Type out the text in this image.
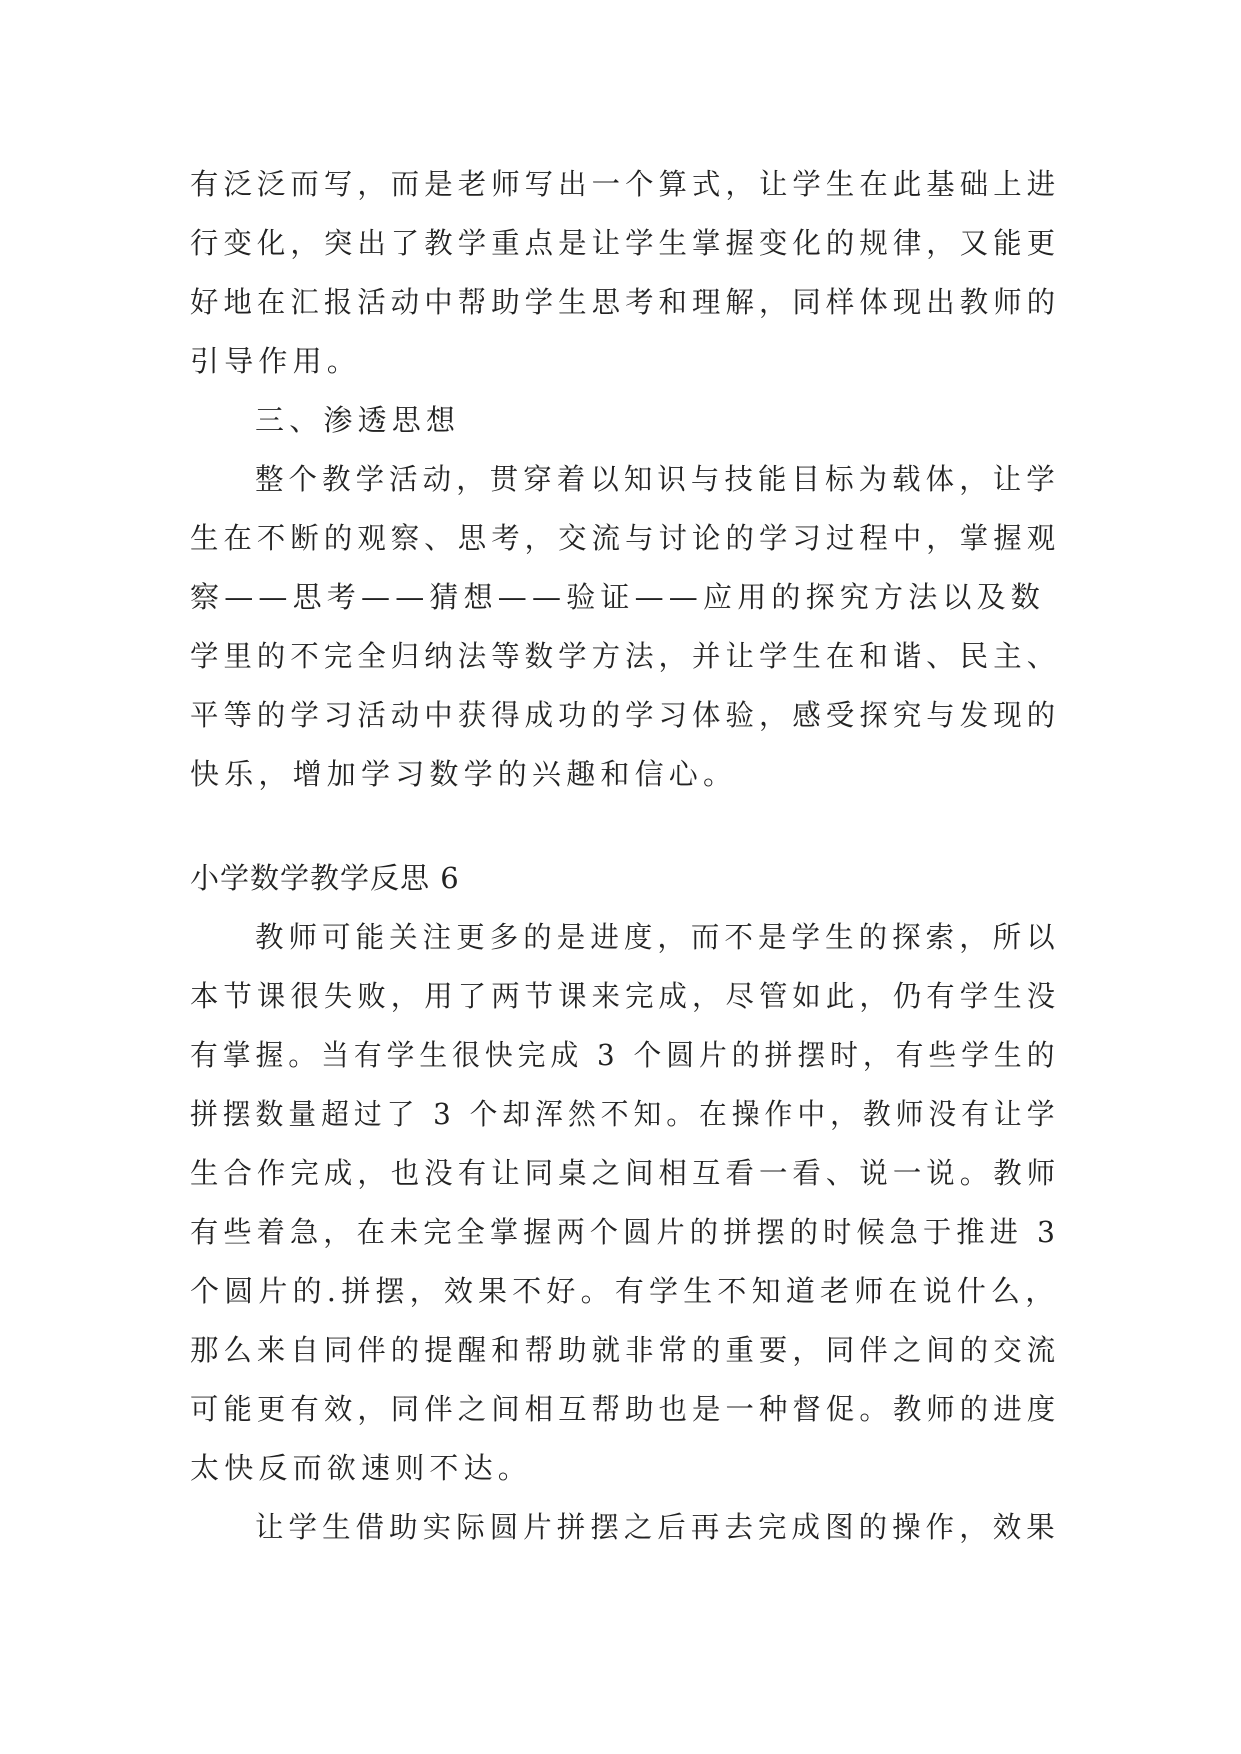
有泛泛而写，而是老师写出一个算式，让学生在此基础上进
行变化，突出了教学重点是让学生掌握变化的规律，又能更
好地在汇报活动中帮助学生思考和理解，同样体现出教师的
引导作用。
三、渗透思想
整个教学活动，贯穿着以知识与技能目标为载体，让学
生在不断的观察、思考，交流与讨论的学习过程中，掌握观
察——思考——猜想——验证——应用的探究方法以及数
学里的不完全归纳法等数学方法，并让学生在和谐、民主、
平等的学习活动中获得成功的学习体验，感受探究与发现的
快乐，增加学习数学的兴趣和信心。
小学数学教学反思 6
教师可能关注更多的是进度，而不是学生的探索，所以
本节课很失败，用了两节课来完成，尽管如此，仍有学生没
有掌握。当有学生很快完成 3 个圆片的拼摆时，有些学生的
拼摆数量超过了 3 个却浑然不知。在操作中，教师没有让学
生合作完成，也没有让同桌之间相互看一看、说一说。教师
有些着急，在未完全掌握两个圆片的拼摆的时候急于推进 3
个圆片的.拼摆，效果不好。有学生不知道老师在说什么，
那么来自同伴的提醒和帮助就非常的重要，同伴之间的交流
可能更有效，同伴之间相互帮助也是一种督促。教师的进度
太快反而欲速则不达。
让学生借助实际圆片拼摆之后再去完成图的操作，效果
